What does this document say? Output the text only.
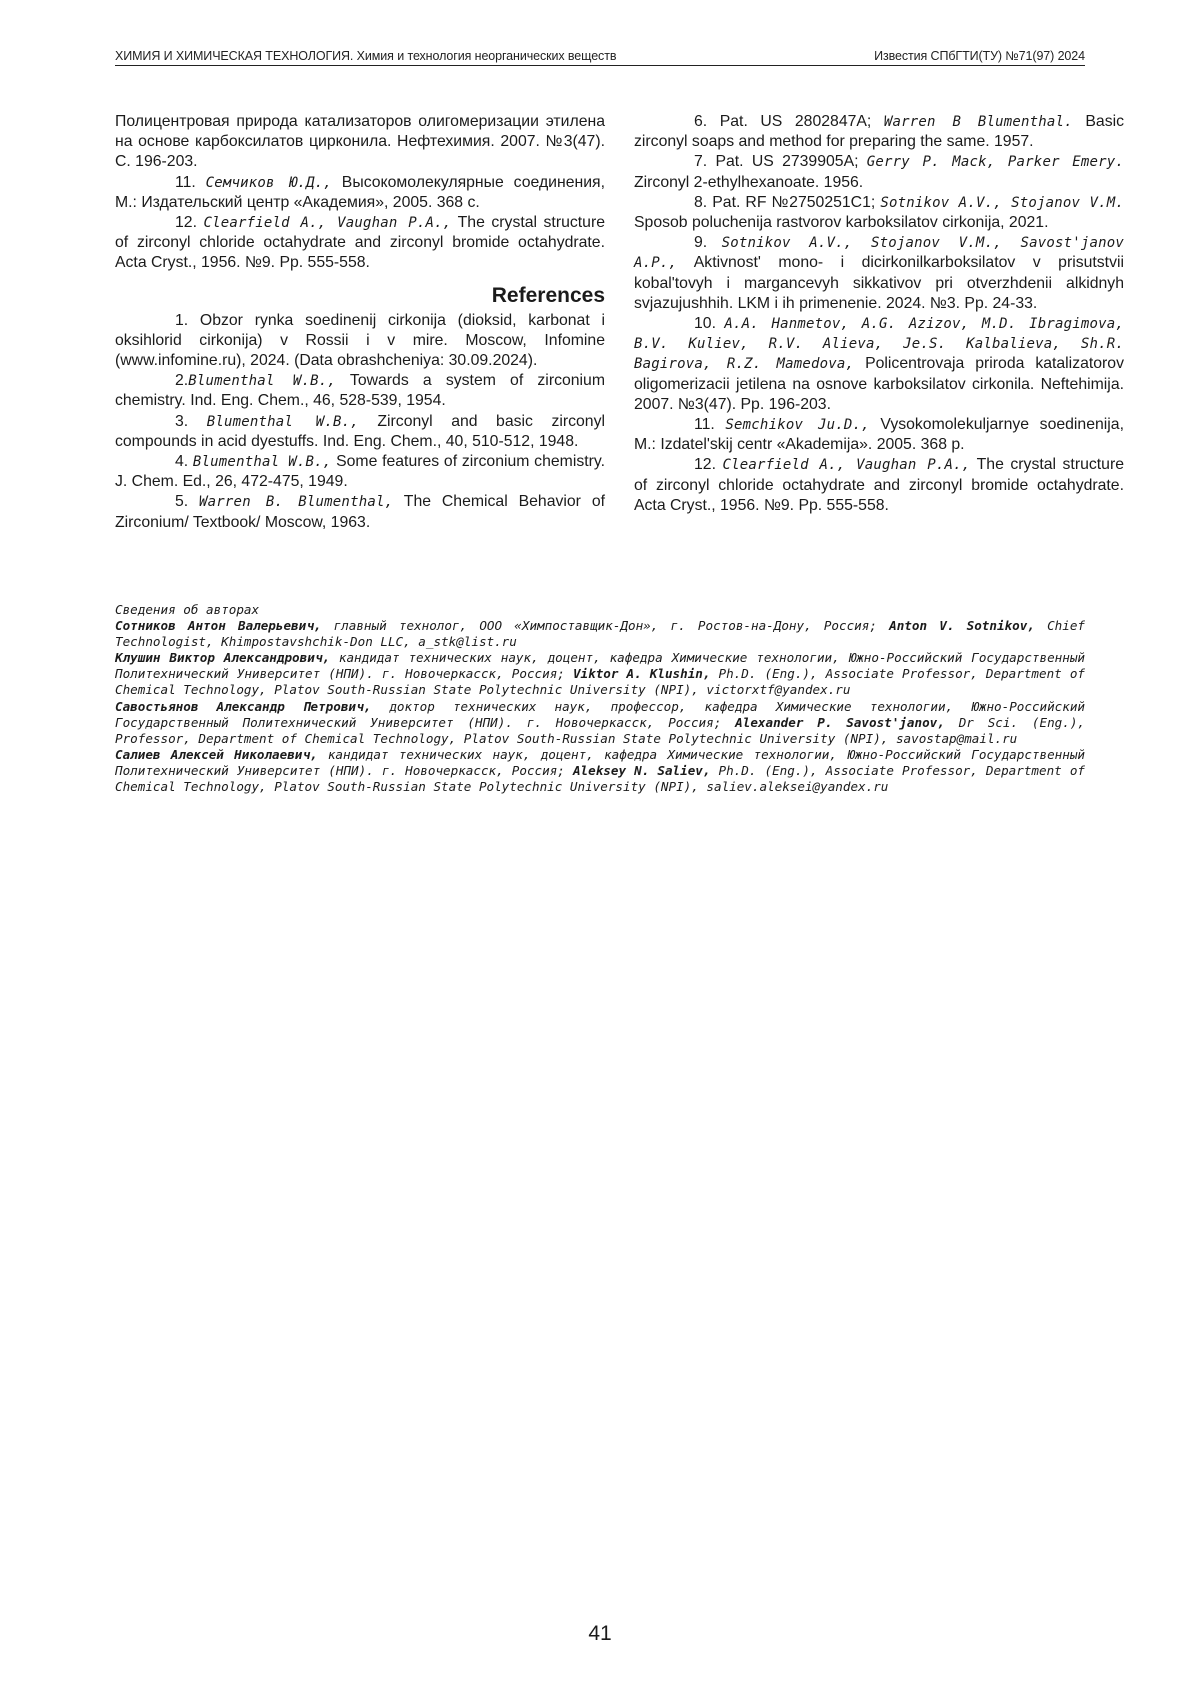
ХИМИЯ И ХИМИЧЕСКАЯ ТЕХНОЛОГИЯ. Химия и технология неорганических веществ	Известия СПбГТИ(ТУ) №71(97) 2024

Полицентровая природа катализаторов олигомеризации этилена на основе карбоксилатов цирконила. Нефтехимия. 2007. №3(47). С. 196-203.

11. Семчиков Ю.Д., Высокомолекулярные соединения, М.: Издательский центр «Академия», 2005. 368 с.

12. Clearfield A., Vaughan P.A., The crystal structure of zirconyl chloride octahydrate and zirconyl bromide octahydrate. Acta Cryst., 1956. №9. Pp. 555-558.

References

1. Obzor rynka soedinenij cirkonija (dioksid, karbonat i oksihlorid cirkonija) v Rossii i v mire. Moscow, Infomine (www.infomine.ru), 2024. (Data obrashcheniya: 30.09.2024).

2.Blumenthal W.B., Towards a system of zirconium chemistry. Ind. Eng. Chem., 46, 528-539, 1954.

3. Blumenthal W.B., Zirconyl and basic zirconyl compounds in acid dyestuffs. Ind. Eng. Chem., 40, 510-512, 1948.

4. Blumenthal W.B., Some features of zirconium chemistry. J. Chem. Ed., 26, 472-475, 1949.

5. Warren B. Blumenthal, The Chemical Behavior of Zirconium/ Textbook/ Moscow, 1963.

6. Pat. US 2802847A; Warren B Blumenthal. Basic zirconyl soaps and method for preparing the same. 1957.

7. Pat. US 2739905A; Gerry P. Mack, Parker Emery. Zirconyl 2-ethylhexanoate. 1956.

8. Pat. RF №2750251C1; Sotnikov A.V., Stojanov V.M. Sposob poluchenija rastvorov karboksilatov cirkonija, 2021.

9. Sotnikov A.V., Stojanov V.M., Savost'janov A.P., Aktivnost' mono- i dicirkonilkarboksilatov v prisutstvii kobal'tovyh i margancevyh sikkativov pri otverzhdenii alkidnyh svjazujushhih. LKM i ih primenenie. 2024. №3. Pp. 24-33.

10. A.A. Hanmetov, A.G. Azizov, M.D. Ibragimova, B.V. Kuliev, R.V. Alieva, Je.S. Kalbalieva, Sh.R. Bagirova, R.Z. Mamedova, Policentrovaja priroda katalizatorov oligomerizacii jetilena na osnove karboksilatov cirkonila. Neftehimija. 2007. №3(47). Pp. 196-203.

11. Semchikov Ju.D., Vysokomolekuljarnye soedinenija, M.: Izdatel'skij centr «Akademija». 2005. 368 p.

12. Clearfield A., Vaughan P.A., The crystal structure of zirconyl chloride octahydrate and zirconyl bromide octahydrate. Acta Cryst., 1956. №9. Pp. 555-558.

Сведения об авторах

Сотников Антон Валерьевич, главный технолог, ООО «Химпоставщик-Дон», г. Ростов-на-Дону, Россия; Anton V. Sotnikov, Chief Technologist, Khimpostavshchik-Don LLC, a_stk@list.ru

Клушин Виктор Александрович, кандидат технических наук, доцент, кафедра Химические технологии, Южно-Российский Государственный Политехнический Университет (НПИ). г. Новочеркасск, Россия; Viktor A. Klushin, Ph.D. (Eng.), Associate Professor, Department of Chemical Technology, Platov South-Russian State Polytechnic University (NPI), victorxtf@yandex.ru

Савостьянов Александр Петрович, доктор технических наук, профессор, кафедра Химические технологии, Южно-Российский Государственный Политехнический Университет (НПИ). г. Новочеркасск, Россия; Alexander P. Savost'janov, Dr Sci. (Eng.), Professor, Department of Chemical Technology, Platov South-Russian State Polytechnic University (NPI), savostap@mail.ru

Салиев Алексей Николаевич, кандидат технических наук, доцент, кафедра Химические технологии, Южно-Российский Государственный Политехнический Университет (НПИ). г. Новочеркасск, Россия; Aleksey N. Saliev, Ph.D. (Eng.), Associate Professor, Department of Chemical Technology, Platov South-Russian State Polytechnic University (NPI), saliev.aleksei@yandex.ru

41
